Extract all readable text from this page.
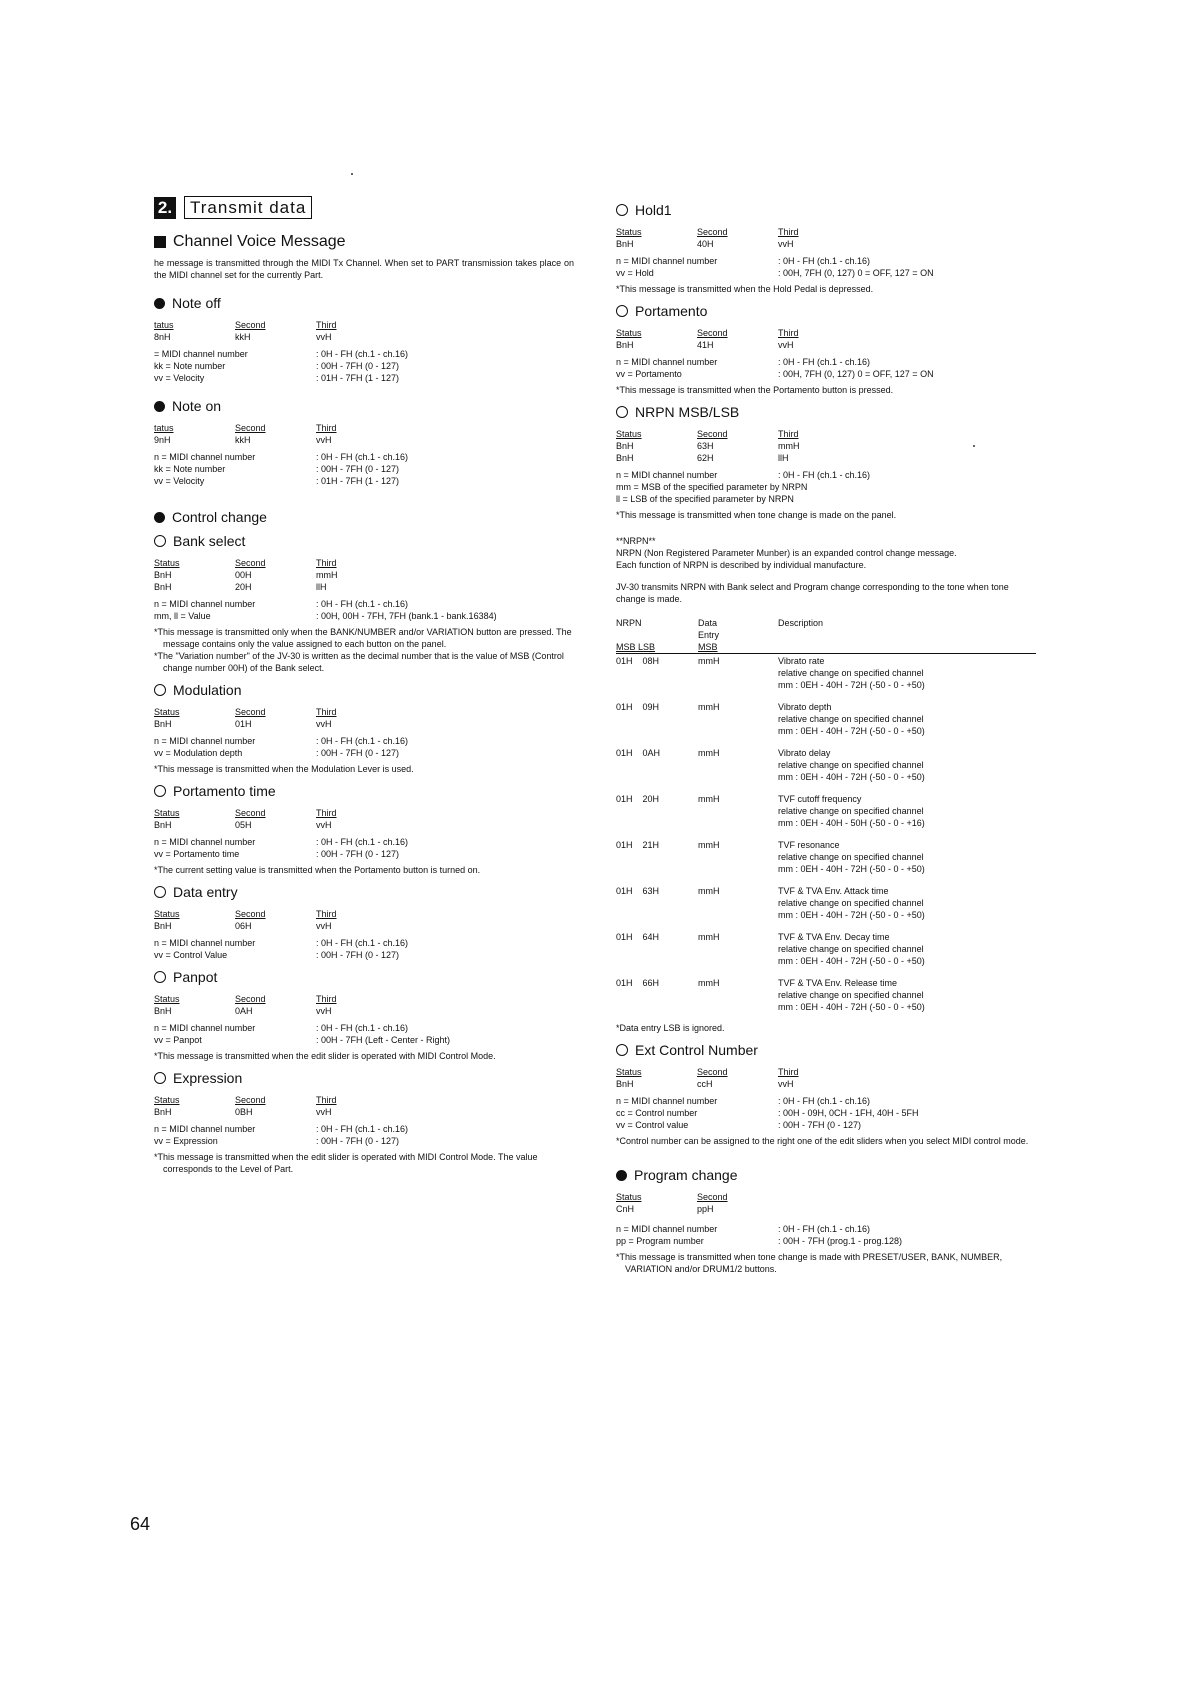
2.	Transmit data
Channel Voice Message

he message is transmitted through the MIDI Tx Channel. When set to PART transmission takes place on the MIDI channel set for the currently Part.

Note off
tatus	Second	Third
8nH	kkH	vvH
= MIDI channel number	: 0H - FH (ch.1 - ch.16)
kk = Note number	: 00H - 7FH (0 - 127)
vv = Velocity	: 01H - 7FH (1 - 127)
Note on
tatus	Second	Third
9nH	kkH	vvH
n = MIDI channel number	: 0H - FH (ch.1 - ch.16)
kk = Note number	: 00H - 7FH (0 - 127)
vv = Velocity	: 01H - 7FH (1 - 127)
Control change
Bank select
Status	Second	Third
BnH	00H	mmH
BnH	20H	llH
n = MIDI channel number	: 0H - FH (ch.1 - ch.16)
mm, ll = Value	: 00H, 00H - 7FH, 7FH (bank.1 - bank.16384)

*This message is transmitted only when the BANK/NUMBER and/or VARIATION button are pressed. The message contains only the value assigned to each button on the panel.

*The "Variation number" of the JV-30 is written as the decimal number that is the value of MSB (Control change number 00H) of the Bank select.

Modulation
Status	Second	Third
BnH	01H	vvH
n = MIDI channel number	: 0H - FH (ch.1 - ch.16)
vv = Modulation depth	: 00H - 7FH (0 - 127)

*This message is transmitted when the Modulation Lever is used.

Portamento time
Status	Second	Third
BnH	05H	vvH
n = MIDI channel number	: 0H - FH (ch.1 - ch.16)
vv = Portamento time	: 00H - 7FH (0 - 127)

*The current setting value is transmitted when the Portamento button is turned on.

Data entry
Status	Second	Third
BnH	06H	vvH
n = MIDI channel number	: 0H - FH (ch.1 - ch.16)
vv = Control Value	: 00H - 7FH (0 - 127)
Panpot
Status	Second	Third
BnH	0AH	vvH
n = MIDI channel number	: 0H - FH (ch.1 - ch.16)
vv = Panpot	: 00H - 7FH (Left - Center - Right)

*This message is transmitted when the edit slider is operated with MIDI Control Mode.

Expression
Status	Second	Third
BnH	0BH	vvH
n = MIDI channel number	: 0H - FH (ch.1 - ch.16)
vv = Expression	: 00H - 7FH (0 - 127)

*This message is transmitted when the edit slider is operated with MIDI Control Mode. The value corresponds to the Level of Part.

Hold1
Status	Second	Third
BnH	40H	vvH
n = MIDI channel number	: 0H - FH (ch.1 - ch.16)
vv = Hold	: 00H, 7FH (0, 127) 0 = OFF, 127 = ON

*This message is transmitted when the Hold Pedal is depressed.

Portamento
Status	Second	Third
BnH	41H	vvH
n = MIDI channel number	: 0H - FH (ch.1 - ch.16)
vv = Portamento	: 00H, 7FH (0, 127) 0 = OFF, 127 = ON

*This message is transmitted when the Portamento button is pressed.

NRPN MSB/LSB
Status	Second	Third
BnH	63H	mmH
BnH	62H	llH
n = MIDI channel number	: 0H - FH (ch.1 - ch.16)
mm = MSB of the specified parameter by NRPN
ll = LSB of the specified parameter by NRPN

*This message is transmitted when tone change is made on the panel.

**NRPN**

NRPN (Non Registered Parameter Munber) is an expanded control change message.

Each function of NRPN is described by individual manufacture.

JV-30 transmits NRPN with Bank select and Program change corresponding to the tone when tone change is made.

NRPN	Data	Description
Entry
MSB LSB	MSB
01H 08H	mmH	Vibrato rate
relative change on specified channel
mm : 0EH - 40H - 72H (-50 - 0 - +50)
01H 09H	mmH	Vibrato depth
relative change on specified channel
mm : 0EH - 40H - 72H (-50 - 0 - +50)
01H 0AH	mmH	Vibrato delay
relative change on specified channel
mm : 0EH - 40H - 72H (-50 - 0 - +50)
01H 20H	mmH	TVF cutoff frequency
relative change on specified channel
mm : 0EH - 40H - 50H (-50 - 0 - +16)
01H 21H	mmH	TVF resonance
relative change on specified channel
mm : 0EH - 40H - 72H (-50 - 0 - +50)
01H 63H	mmH	TVF & TVA Env. Attack time
relative change on specified channel
mm : 0EH - 40H - 72H (-50 - 0 - +50)
01H 64H	mmH	TVF & TVA Env. Decay time
relative change on specified channel
mm : 0EH - 40H - 72H (-50 - 0 - +50)
01H 66H	mmH	TVF & TVA Env. Release time
relative change on specified channel
mm : 0EH - 40H - 72H (-50 - 0 - +50)

*Data entry LSB is ignored.

Ext Control Number
Status	Second	Third
BnH	ccH	vvH
n = MIDI channel number	: 0H - FH (ch.1 - ch.16)
cc = Control number	: 00H - 09H, 0CH - 1FH, 40H - 5FH
vv = Control value	: 00H - 7FH (0 - 127)

*Control number can be assigned to the right one of the edit sliders when you select MIDI control mode.

Program change
Status	Second
CnH	ppH
n = MIDI channel number	: 0H - FH (ch.1 - ch.16)
pp = Program number	: 00H - 7FH (prog.1 - prog.128)

*This message is transmitted when tone change is made with PRESET/USER, BANK, NUMBER, VARIATION and/or DRUM1/2 buttons.

64
